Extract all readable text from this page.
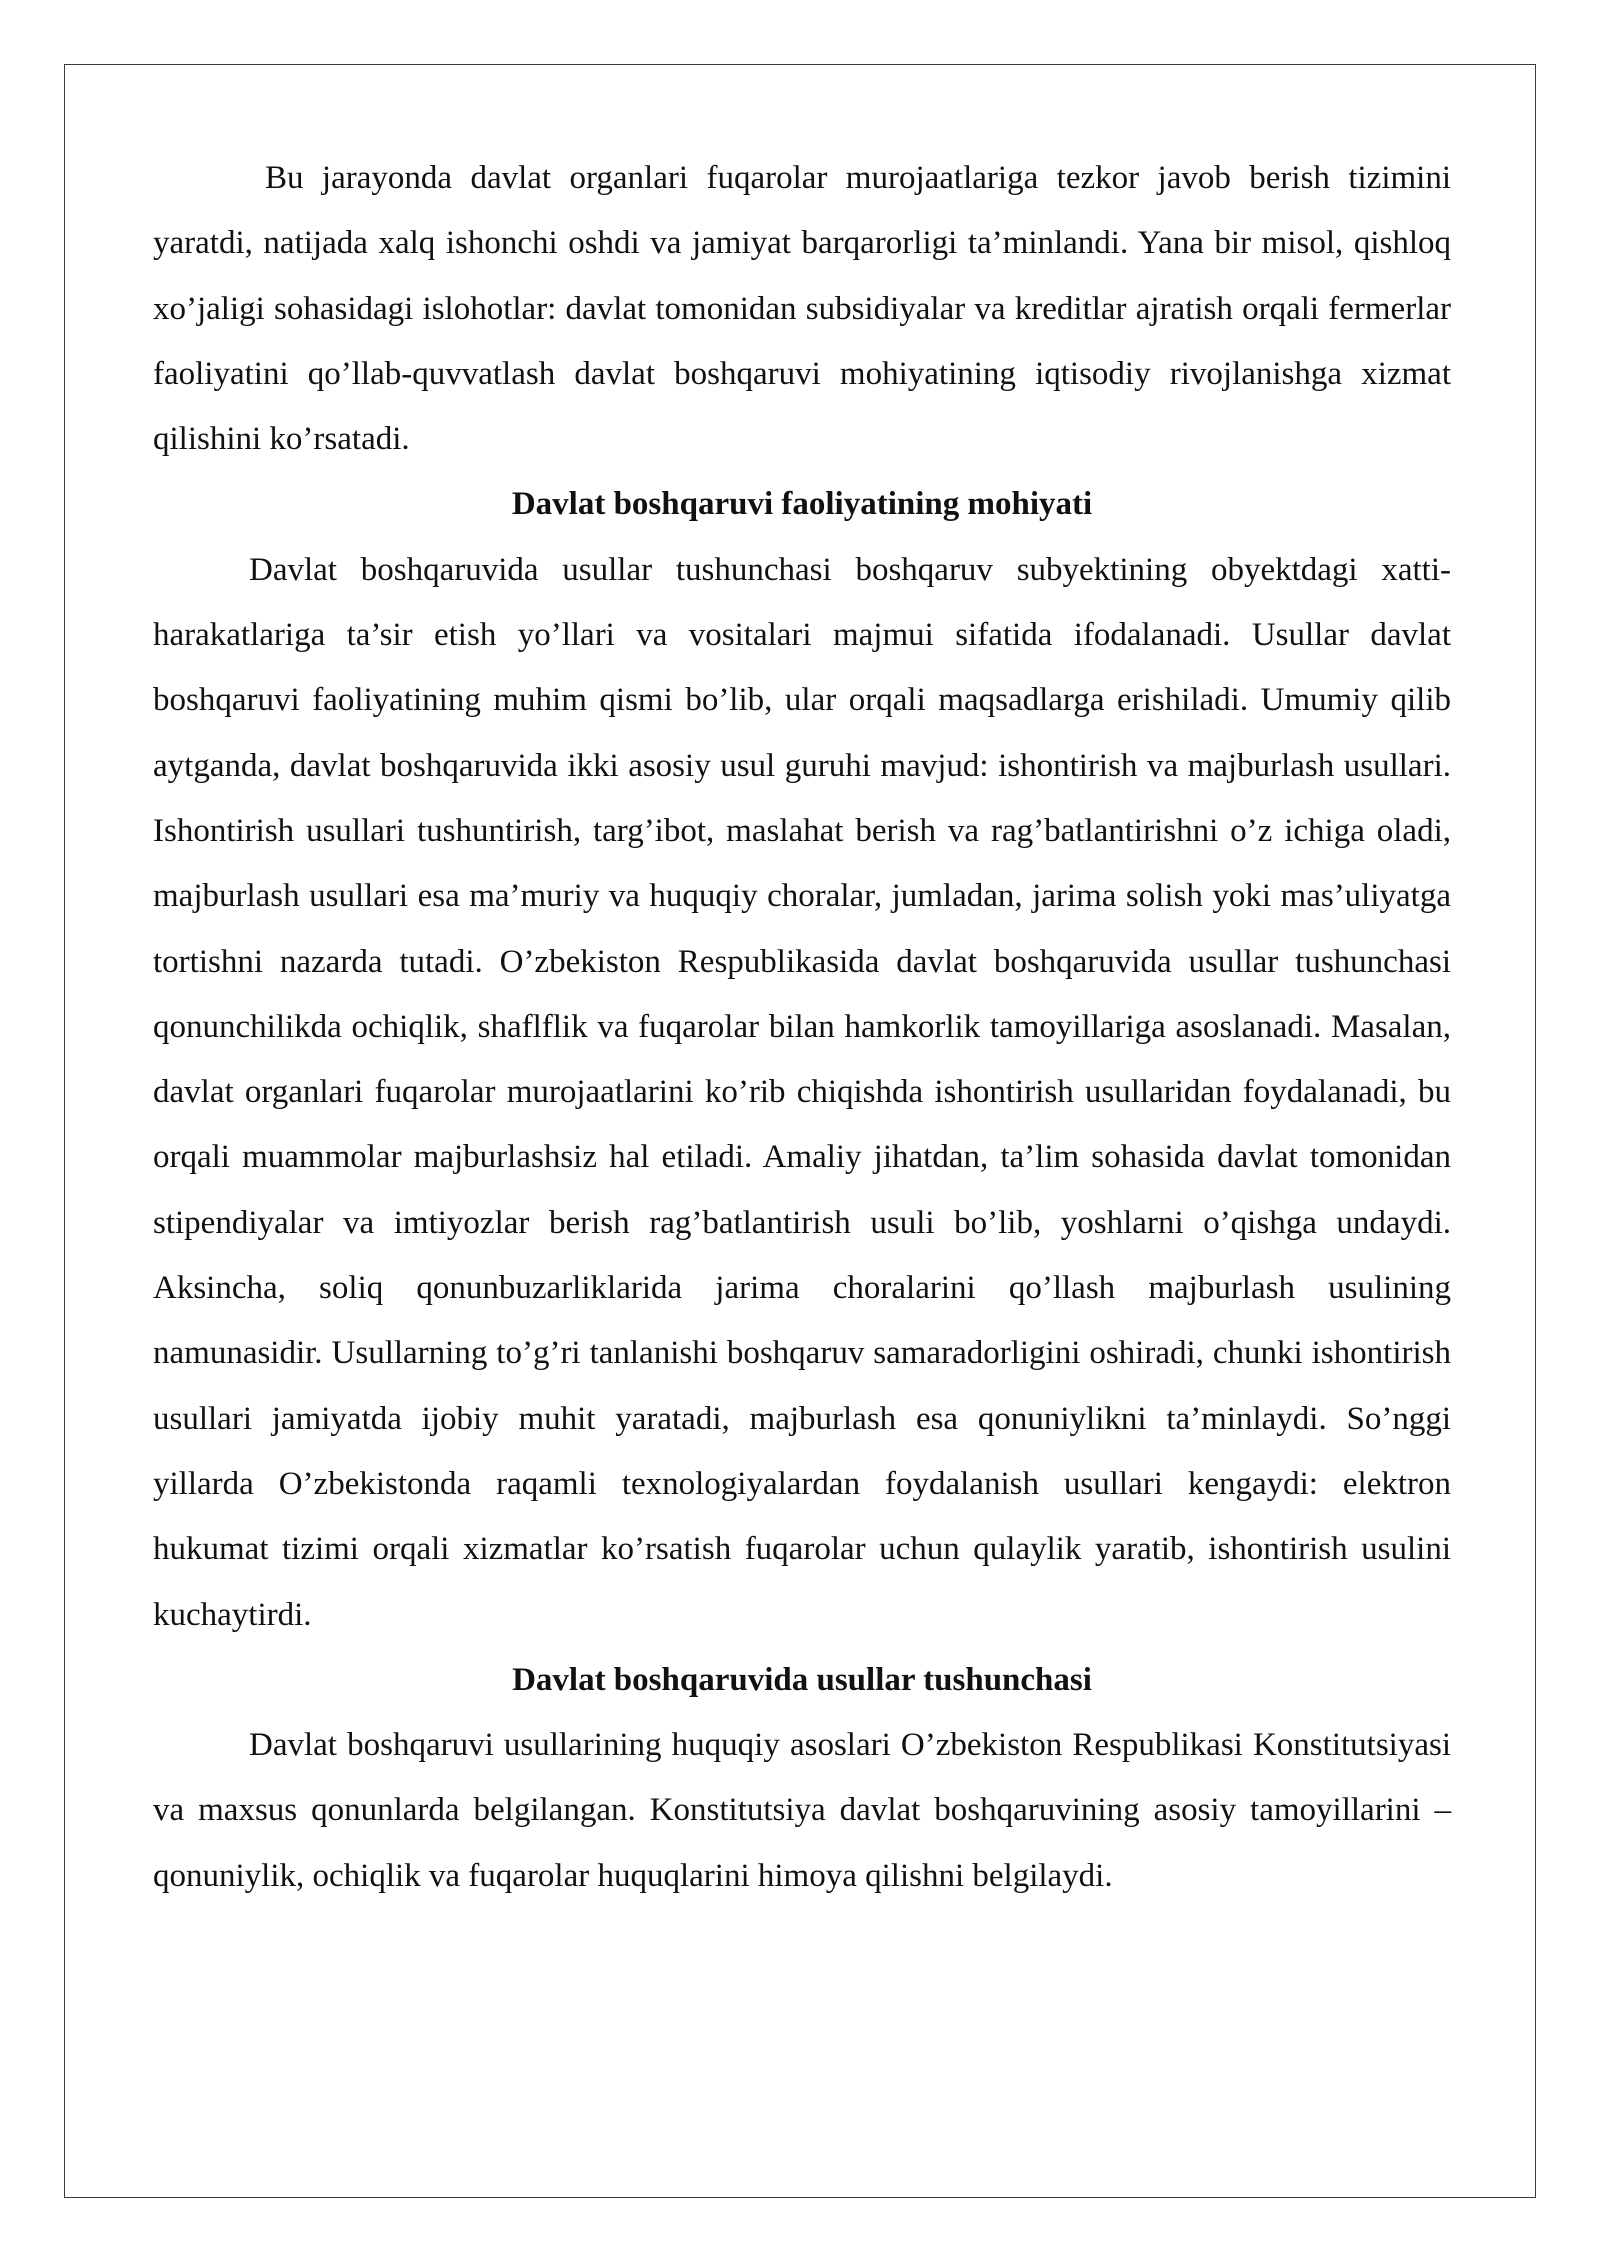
Bu jarayonda davlat organlari fuqarolar murojaatlariga tezkor javob berish tizimini yaratdi, natijada xalq ishonchi oshdi va jamiyat barqarorligi ta’minlandi. Yana bir misol, qishloq xo’jaligi sohasidagi islohotlar: davlat tomonidan subsidiyalar va kreditlar ajratish orqali fermerlar faoliyatini qo’llab-quvvatlash davlat boshqaruvi mohiyatining iqtisodiy rivojlanishga xizmat qilishini ko’rsatadi.

Davlat boshqaruvi faoliyatining mohiyati

Davlat boshqaruvida usullar tushunchasi boshqaruv subyektining obyektdagi xatti-harakatlariga ta’sir etish yo’llari va vositalari majmui sifatida ifodalanadi. Usullar davlat boshqaruvi faoliyatining muhim qismi bo’lib, ular orqali maqsadlarga erishiladi. Umumiy qilib aytganda, davlat boshqaruvida ikki asosiy usul guruhi mavjud: ishontirish va majburlash usullari. Ishontirish usullari tushuntirish, targ’ibot, maslahat berish va rag’batlantirishni o’z ichiga oladi, majburlash usullari esa ma’muriy va huquqiy choralar, jumladan, jarima solish yoki mas’uliyatga tortishni nazarda tutadi. O’zbekiston Respublikasida davlat boshqaruvida usullar tushunchasi qonunchilikda ochiqlik, shaflflik va fuqarolar bilan hamkorlik tamoyillariga asoslanadi. Masalan, davlat organlari fuqarolar murojaatlarini ko’rib chiqishda ishontirish usullaridan foydalanadi, bu orqali muammolar majburlashsiz hal etiladi. Amaliy jihatdan, ta’lim sohasida davlat tomonidan stipendiyalar va imtiyozlar berish rag’batlantirish usuli bo’lib, yoshlarni o’qishga undaydi. Aksincha, soliq qonunbuzarliklarida jarima choralarini qo’llash majburlash usulining namunasidir. Usullarning to’g’ri tanlanishi boshqaruv samaradorligini oshiradi, chunki ishontirish usullari jamiyatda ijobiy muhit yaratadi, majburlash esa qonuniylikni ta’minlaydi. So’nggi yillarda O’zbekistonda raqamli texnologiyalardan foydalanish usullari kengaydi: elektron hukumat tizimi orqali xizmatlar ko’rsatish fuqarolar uchun qulaylik yaratib, ishontirish usulini kuchaytirdi.

Davlat boshqaruvida usullar tushunchasi

Davlat boshqaruvi usullarining huquqiy asoslari O’zbekiston Respublikasi Konstitutsiyasi va maxsus qonunlarda belgilangan. Konstitutsiya davlat boshqaruvining asosiy tamoyillarini – qonuniylik, ochiqlik va fuqarolar huquqlarini himoya qilishni belgilaydi.
